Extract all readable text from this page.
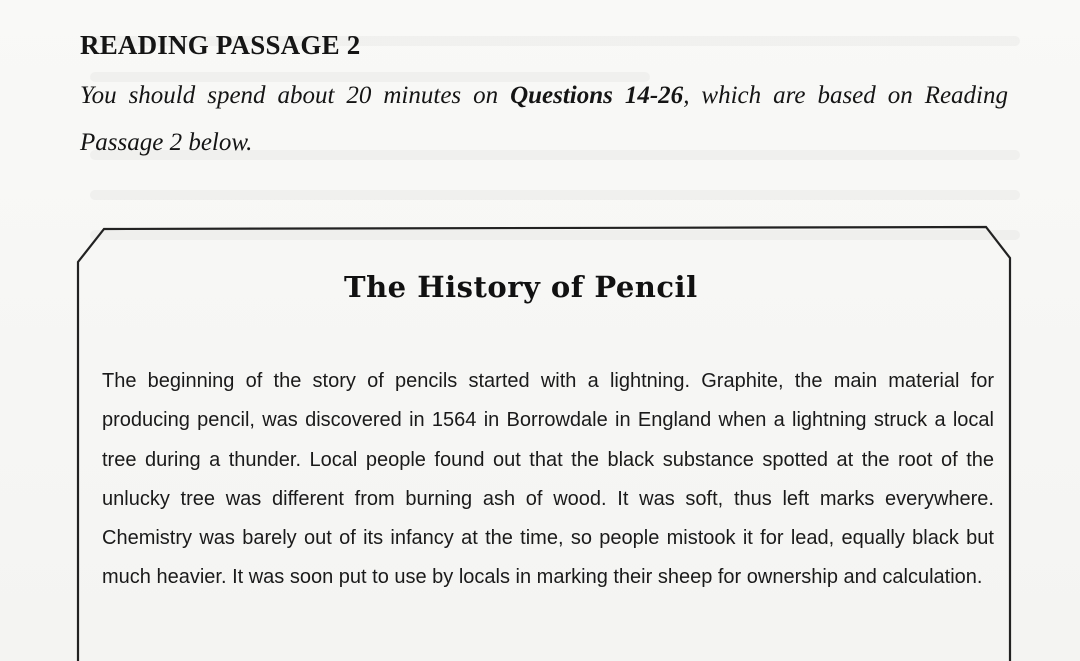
READING PASSAGE 2
You should spend about 20 minutes on Questions 14-26, which are based on Reading Passage 2 below.
The History of Pencil
The beginning of the story of pencils started with a lightning. Graphite, the main material for producing pencil, was discovered in 1564 in Borrowdale in England when a lightning struck a local tree during a thunder. Local people found out that the black substance spotted at the root of the unlucky tree was different from burning ash of wood. It was soft, thus left marks everywhere. Chemistry was barely out of its infancy at the time, so people mistook it for lead, equally black but much heavier. It was soon put to use by locals in marking their sheep for ownership and calculation.
